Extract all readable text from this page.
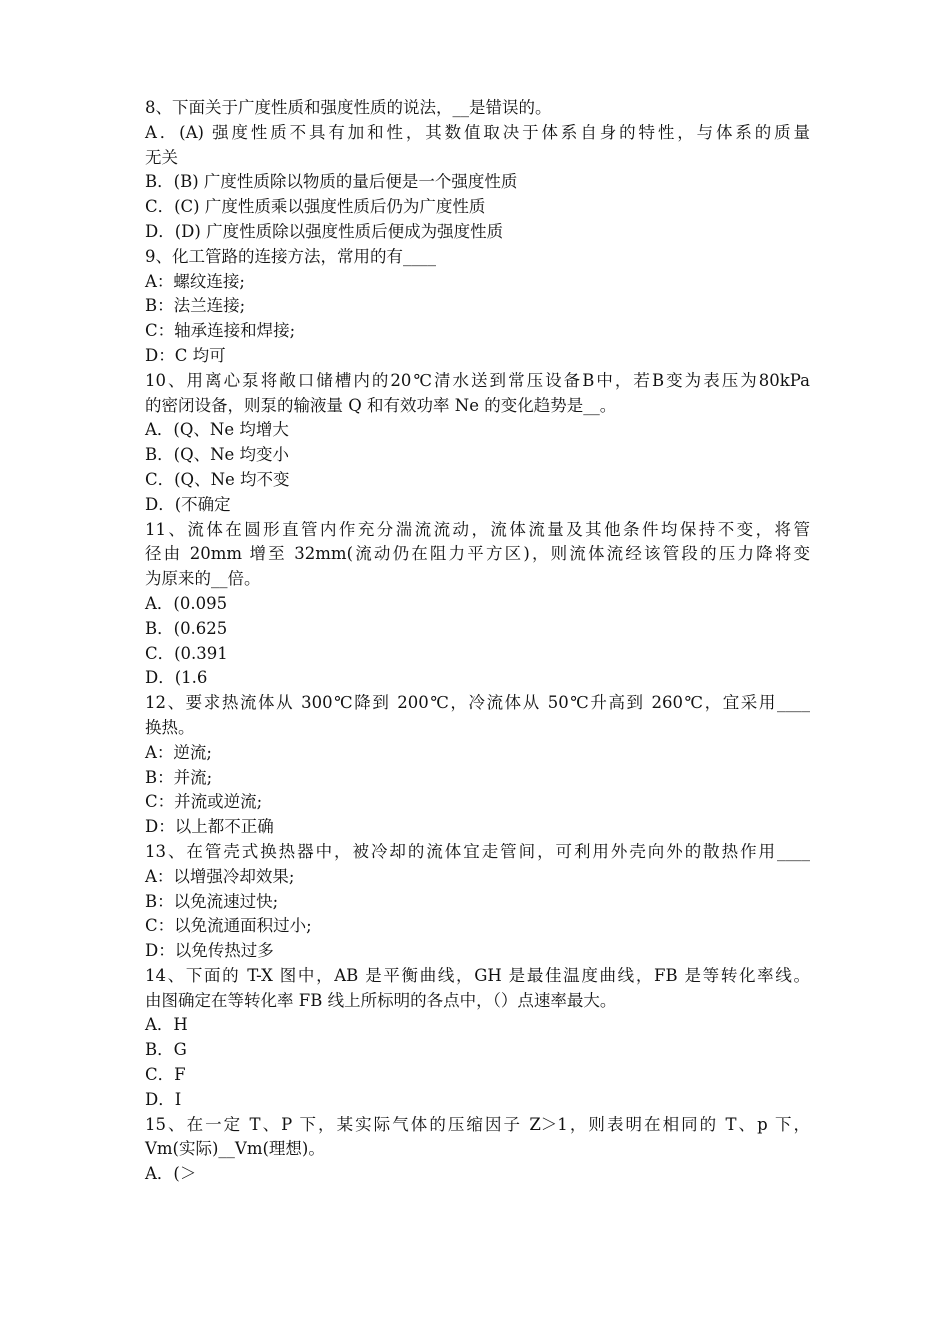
8、下面关于广度性质和强度性质的说法，__是错误的。
A．(A) 强度性质不具有加和性，其数值取决于体系自身的特性，与体系的质量
无关
B．(B) 广度性质除以物质的量后便是一个强度性质
C．(C) 广度性质乘以强度性质后仍为广度性质
D．(D) 广度性质除以强度性质后便成为强度性质
9、化工管路的连接方法，常用的有____
A：螺纹连接;
B：法兰连接;
C：轴承连接和焊接;
D：C 均可
10、用离心泵将敞口储槽内的20℃清水送到常压设备B中，若B变为表压为80kPa
的密闭设备，则泵的输液量 Q 和有效功率 Ne 的变化趋势是__。
A．(Q、Ne 均增大
B．(Q、Ne 均变小
C．(Q、Ne 均不变
D．(不确定
11、流体在圆形直管内作充分湍流流动，流体流量及其他条件均保持不变，将管
径由 20mm 增至 32mm(流动仍在阻力平方区)，则流体流经该管段的压力降将变
为原来的__倍。
A．(0.095
B．(0.625
C．(0.391
D．(1.6
12、要求热流体从 300℃降到 200℃，冷流体从 50℃升高到 260℃，宜采用____
换热。
A：逆流;
B：并流;
C：并流或逆流;
D：以上都不正确
13、在管壳式换热器中，被冷却的流体宜走管间，可利用外壳向外的散热作用____
A：以增强冷却效果;
B：以免流速过快;
C：以免流通面积过小;
D：以免传热过多
14、下面的 T-X 图中，AB 是平衡曲线，GH 是最佳温度曲线，FB 是等转化率线。
由图确定在等转化率 FB 线上所标明的各点中，（）点速率最大。
A．H
B．G
C．F
D．I
15、在一定 T、P 下，某实际气体的压缩因子 Z＞1，则表明在相同的 T、p 下，
Vm(实际)__Vm(理想)。
A．(＞
